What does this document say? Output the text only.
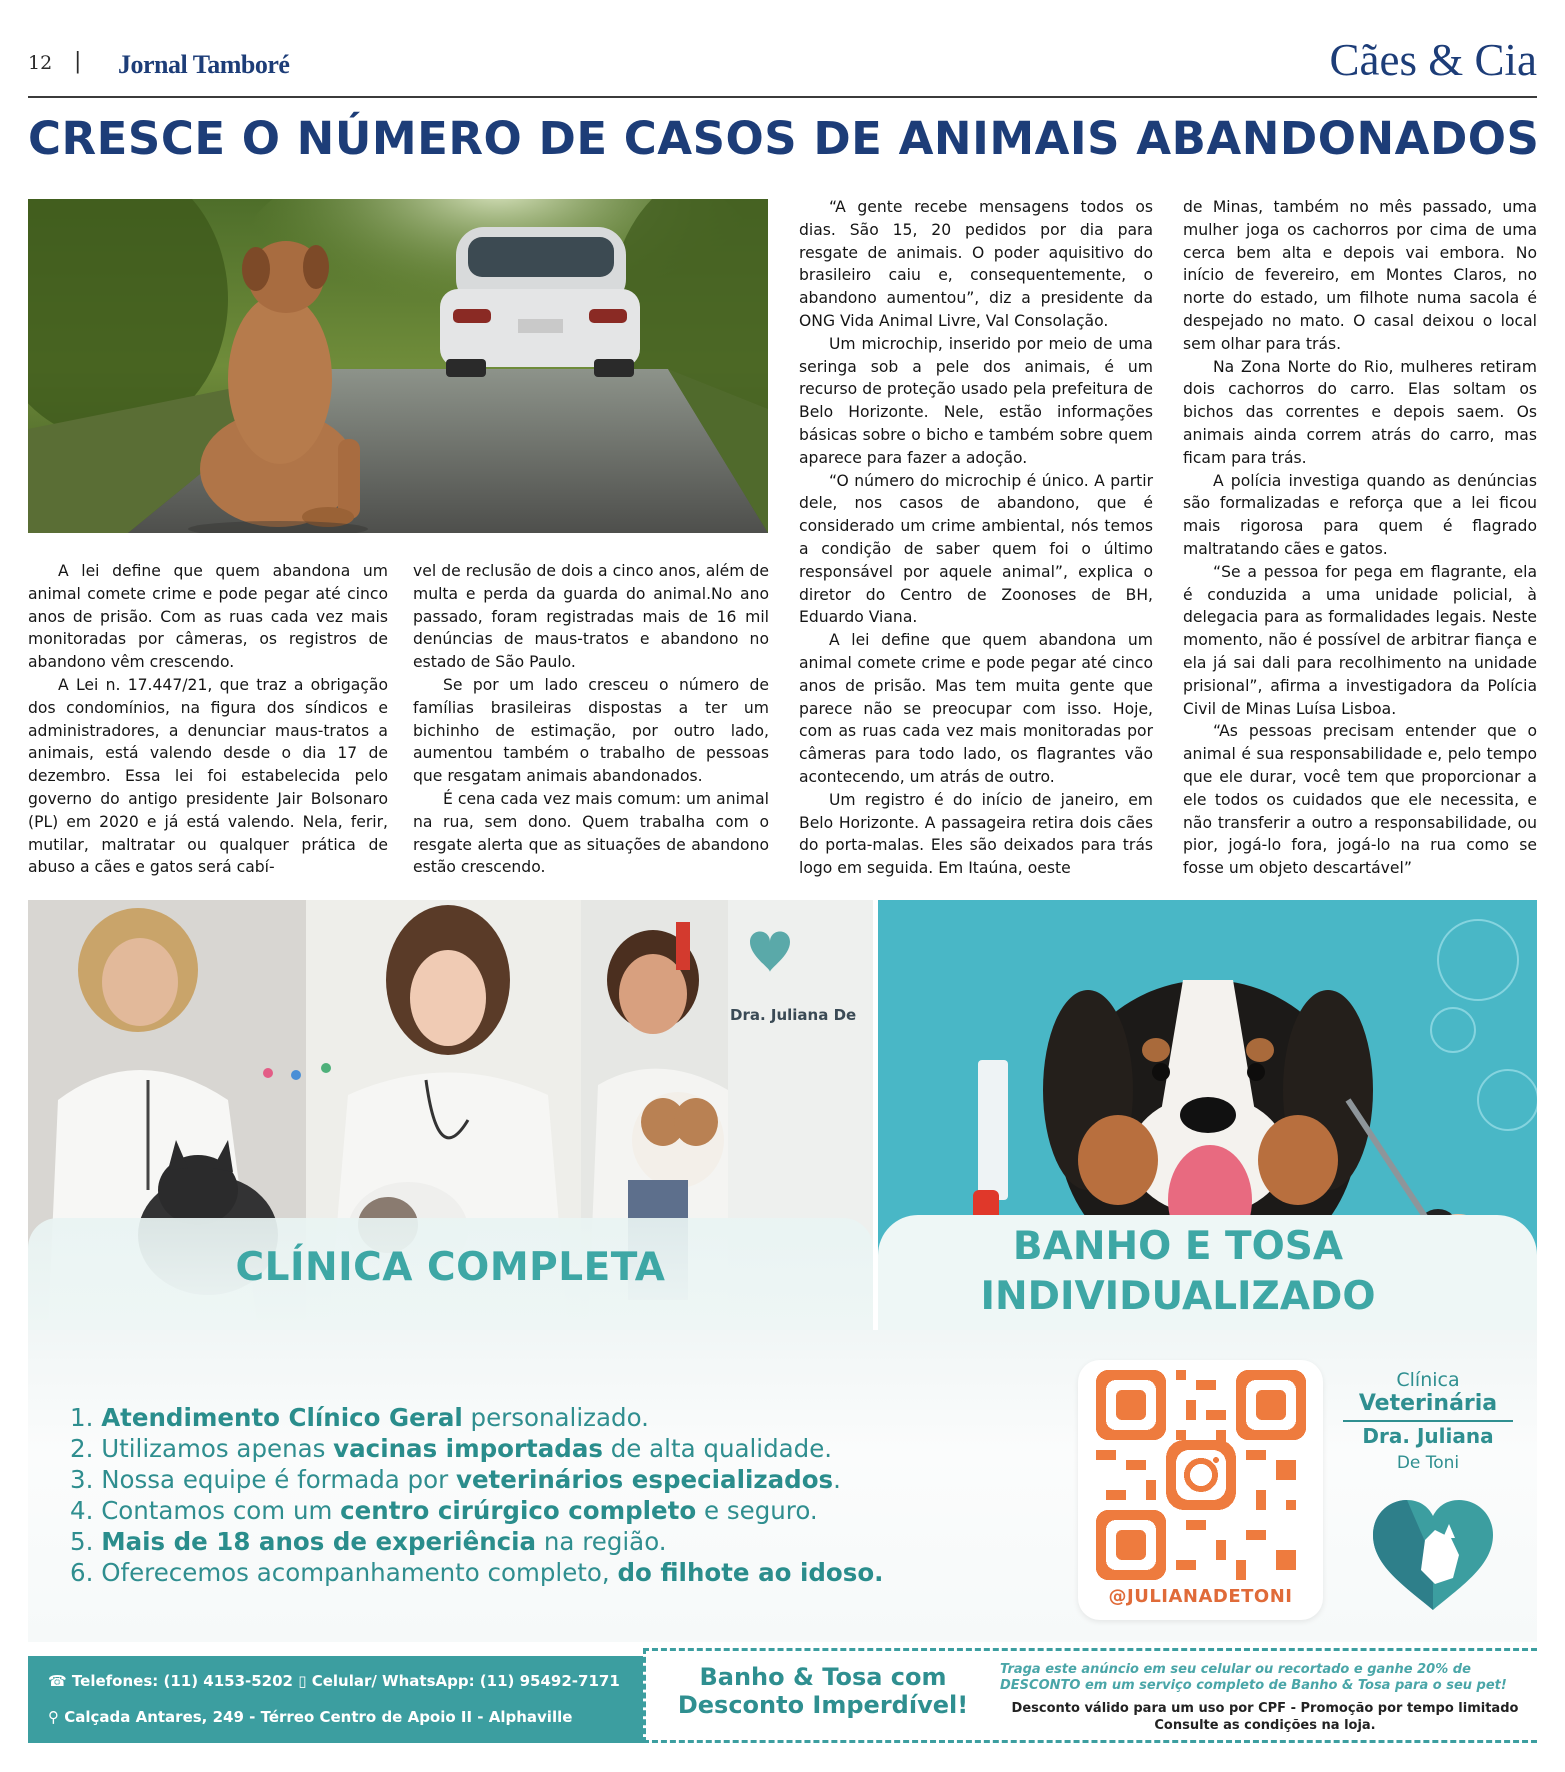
12 | Jornal Tamboré	Cães & Cia
CRESCE O NÚMERO DE CASOS DE ANIMAIS ABANDONADOS

A lei define que quem abandona um animal comete crime e pode pegar até cinco anos de prisão. Com as ruas cada vez mais monitoradas por câmeras, os registros de abandono vêm crescendo.

A Lei n. 17.447/21, que traz a obrigação dos condomínios, na figura dos síndicos e administradores, a denunciar maus-tratos a animais, está valendo desde o dia 17 de dezembro. Essa lei foi estabelecida pelo governo do antigo presidente Jair Bolsonaro (PL) em 2020 e já está valendo. Nela, ferir, mutilar, maltratar ou qualquer prática de abuso a cães e gatos será cabí-

vel de reclusão de dois a cinco anos, além de multa e perda da guarda do animal.No ano passado, foram registradas mais de 16 mil denúncias de maus-tratos e abandono no estado de São Paulo.

Se por um lado cresceu o número de famílias brasileiras dispostas a ter um bichinho de estimação, por outro lado, aumentou também o trabalho de pessoas que resgatam animais abandonados.

É cena cada vez mais comum: um animal na rua, sem dono. Quem trabalha com o resgate alerta que as situações de abandono estão crescendo.

“A gente recebe mensagens todos os dias. São 15, 20 pedidos por dia para resgate de animais. O poder aquisitivo do brasileiro caiu e, consequentemente, o abandono aumentou”, diz a presidente da ONG Vida Animal Livre, Val Consolação.

Um microchip, inserido por meio de uma seringa sob a pele dos animais, é um recurso de proteção usado pela prefeitura de Belo Horizonte. Nele, estão informações básicas sobre o bicho e também sobre quem aparece para fazer a adoção.

“O número do microchip é único. A partir dele, nos casos de abandono, que é considerado um crime ambiental, nós temos a condição de saber quem foi o último responsável por aquele animal”, explica o diretor do Centro de Zoonoses de BH, Eduardo Viana.

A lei define que quem abandona um animal comete crime e pode pegar até cinco anos de prisão. Mas tem muita gente que parece não se preocupar com isso. Hoje, com as ruas cada vez mais monitoradas por câmeras para todo lado, os flagrantes vão acontecendo, um atrás de outro.

Um registro é do início de janeiro, em Belo Horizonte. A passageira retira dois cães do porta-malas. Eles são deixados para trás logo em seguida. Em Itaúna, oeste

de Minas, também no mês passado, uma mulher joga os cachorros por cima de uma cerca bem alta e depois vai embora. No início de fevereiro, em Montes Claros, no norte do estado, um filhote numa sacola é despejado no mato. O casal deixou o local sem olhar para trás.

Na Zona Norte do Rio, mulheres retiram dois cachorros do carro. Elas soltam os bichos das correntes e depois saem. Os animais ainda correm atrás do carro, mas ficam para trás.

A polícia investiga quando as denúncias são formalizadas e reforça que a lei ficou mais rigorosa para quem é flagrado maltratando cães e gatos.

“Se a pessoa for pega em flagrante, ela é conduzida a uma unidade policial, à delegacia para as formalidades legais. Neste momento, não é possível de arbitrar fiança e ela já sai dali para recolhimento na unidade prisional”, afirma a investigadora da Polícia Civil de Minas Luísa Lisboa.

“As pessoas precisam entender que o animal é sua responsabilidade e, pelo tempo que ele durar, você tem que proporcionar a ele todos os cuidados que ele necessita, e não transferir a outro a responsabilidade, ou pior, jogá-lo fora, jogá-lo na rua como se fosse um objeto descartável”

Dra. Juliana De
CLÍNICA COMPLETA	BANHO E TOSA
INDIVIDUALIZADO
1. Atendimento Clínico Geral personalizado.
2. Utilizamos apenas vacinas importadas de alta qualidade.
3. Nossa equipe é formada por veterinários especializados.
4. Contamos com um centro cirúrgico completo e seguro.
5. Mais de 18 anos de experiência na região.
6. Oferecemos acompanhamento completo, do filhote ao idoso.
@JULIANADETONI
Clínica
Veterinária
Dra. Juliana
De Toni
☎ Telefones: (11) 4153-5202 ▯ Celular/ WhatsApp: (11) 95492-7171
⚲ Calçada Antares, 249 - Térreo Centro de Apoio II - Alphaville
Banho & Tosa com
Desconto Imperdível!
Traga este anúncio em seu celular ou recortado e ganhe 20% de DESCONTO em um serviço completo de Banho & Tosa para o seu pet!
Desconto válido para um uso por CPF - Promoção por tempo limitado
Consulte as condições na loja.
